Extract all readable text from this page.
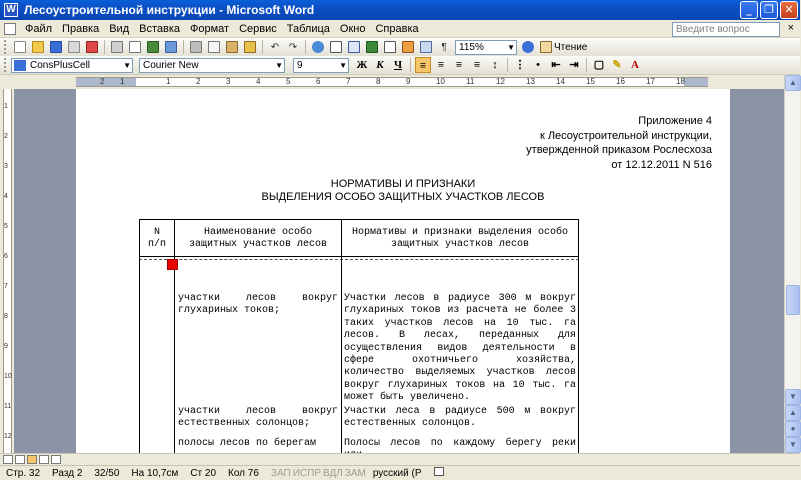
W Лесоустроительной инструкции - Microsoft Word	_	❐ ✕
Файл Правка Вид Вставка Формат Сервис Таблица Окно Справка	Введите вопрос	×
↶ ↷	¶	115%	▼	Чтение
ConsPlusCell	▼	Courier New	▼	9	▼ Ж К Ч	≡	≡	≡	≡	↕	⋮ •	⇤ ⇥	▢ ✎ A
2 1	1	2	3	4	5	6	7	8	9	10	11	12	13	14	15	16	17	18
1
2
3
4
5
6
7
8
9
10
11
12
Приложение 4
к Лесоустроительной инструкции,
утвержденной приказом Рослесхоза
от 12.12.2011 N 516
НОРМАТИВЫ И ПРИЗНАКИ
ВЫДЕЛЕНИЯ ОСОБО ЗАЩИТНЫХ УЧАСТКОВ ЛЕСОВ
N
п/п
Наименование особо
защитных участков лесов
Нормативы и признаки выделения особо
защитных участков лесов
участки лесов вокруг глухариных токов;
Участки лесов в радиусе 300 м вокруг глухариных токов из расчета не более 3 таких участков лесов на 10 тыс. га лесов. В лесах, переданных для осуществления видов деятельности в сфере охотничьего хозяйства, количество выделяемых участков лесов вокруг глухариных токов на 10 тыс. га может быть увеличено.
участки лесов вокруг естественных солонцов;
Участки леса в радиусе 500 м вокруг естественных солонцов.
полосы лесов по берегам	Полосы лесов по каждому берегу реки
▲
▼
▲
●
▼
Стр. 32	Разд 2	32/50	На 10,7см	Ст 20	Кол 76	ЗАП ИСПР ВДЛ ЗАМ русский (Р
